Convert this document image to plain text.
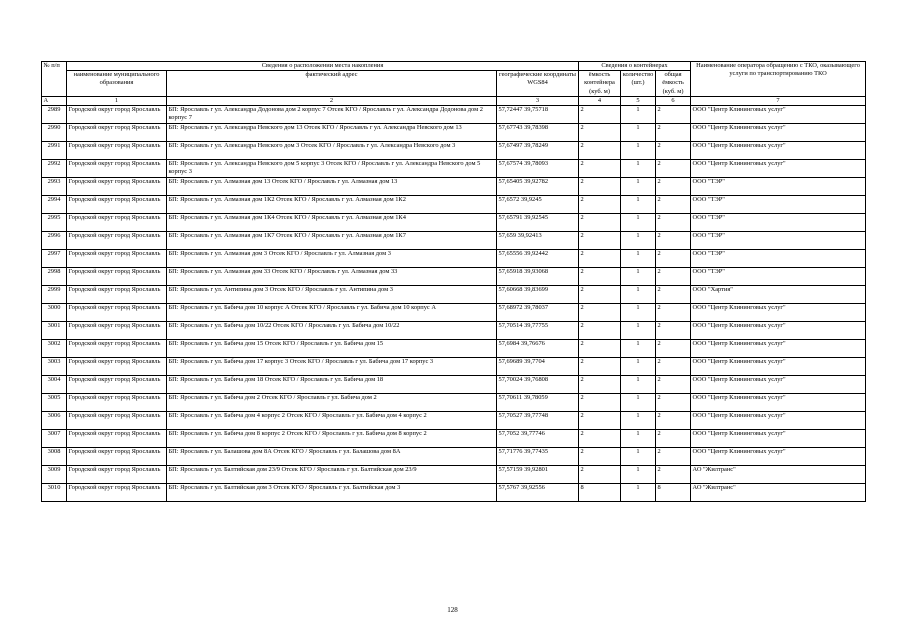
№ п/п	Сведения о расположении места накопления			Сведения о контейнерах			Наименование оператора обращению с ТКО, оказывающего услуги по транспортированию ТКО
	наименование муниципального образования	фактический адрес	географические координаты WGS84	ёмкость контейнера (куб. м)	количество (шт.)	общая ёмкость (куб. м)	
А	1	2	3	4	5	6	7
2989	Городской округ город Ярославль	БП: Ярославль г ул. Александра Додонова дом 2 корпус 7 Отсек КГО / Ярославль г ул. Александра Додонова дом 2 корпус 7	57,72447 39,75718	2	1	2	ООО "Центр Клининговых услуг"
2990	Городской округ город Ярославль	БП: Ярославль г ул. Александра Невского дом 13 Отсек КГО / Ярославль г ул. Александра Невского дом 13	57,67743 39,78398	2	1	2	ООО "Центр Клининговых услуг"
2991	Городской округ город Ярославль	БП: Ярославль г ул. Александра Невского дом 3 Отсек КГО / Ярославль г ул. Александра Невского дом 3	57,67497 39,78249	2	1	2	ООО "Центр Клининговых услуг"
2992	Городской округ город Ярославль	БП: Ярославль г ул. Александра Невского дом 5 корпус 3 Отсек КГО / Ярославль г ул. Александра Невского дом 5 корпус 3	57,67574 39,78093	2	1	2	ООО "Центр Клининговых услуг"
2993	Городской округ город Ярославль	БП: Ярославль г ул. Алмазная дом 13 Отсек КГО / Ярославль г ул. Алмазная дом 13	57,65405 39,92782	2	1	2	ООО "ТЭР"
2994	Городской округ город Ярославль	БП: Ярославль г ул. Алмазная дом 1К2 Отсек КГО / Ярославль г ул. Алмазная дом 1К2	57,6572 39,9245	2	1	2	ООО "ТЭР"
2995	Городской округ город Ярославль	БП: Ярославль г ул. Алмазная дом 1К4 Отсек КГО / Ярославль г ул. Алмазная дом 1К4	57,65791 39,92545	2	1	2	ООО "ТЭР"
2996	Городской округ город Ярославль	БП: Ярославль г ул. Алмазная дом 1К7 Отсек КГО / Ярославль г ул. Алмазная дом 1К7	57,659 39,92413	2	1	2	ООО "ТЭР"
2997	Городской округ город Ярославль	БП: Ярославль г ул. Алмазная дом 3 Отсек КГО / Ярославль г ул. Алмазная дом 3	57,65556 39,92442	2	1	2	ООО "ТЭР"
2998	Городской округ город Ярославль	БП: Ярославль г ул. Алмазная дом 33 Отсек КГО / Ярославль г ул. Алмазная дом 33	57,65918 39,93068	2	1	2	ООО "ТЭР"
2999	Городской округ город Ярославль	БП: Ярославль г ул. Антипина дом 3 Отсек КГО / Ярославль г ул. Антипина дом 3	57,60668 39,83699	2	1	2	ООО "Хартия"
3000	Городской округ город Ярославль	БП: Ярославль г ул. Бабича дом 10 корпус А Отсек КГО / Ярославль г ул. Бабича дом 10 корпус А	57,68972 39,78037	2	1	2	ООО "Центр Клининговых услуг"
3001	Городской округ город Ярославль	БП: Ярославль г ул. Бабича дом 10/22 Отсек КГО / Ярославль г ул. Бабича дом 10/22	57,70514 39,77755	2	1	2	ООО "Центр Клининговых услуг"
3002	Городской округ город Ярославль	БП: Ярославль г ул. Бабича дом 15 Отсек КГО / Ярославль г ул. Бабича дом 15	57,6984 39,76676	2	1	2	ООО "Центр Клининговых услуг"
3003	Городской округ город Ярославль	БП: Ярославль г ул. Бабича дом 17 корпус 3 Отсек КГО / Ярославль г ул. Бабича дом 17 корпус 3	57,69689 39,7704	2	1	2	ООО "Центр Клининговых услуг"
3004	Городской округ город Ярославль	БП: Ярославль г ул. Бабича дом 18 Отсек КГО / Ярославль г ул. Бабича дом 18	57,70024 39,76808	2	1	2	ООО "Центр Клининговых услуг"
3005	Городской округ город Ярославль	БП: Ярославль г ул. Бабича дом 2 Отсек КГО / Ярославль г ул. Бабича дом 2	57,70611 39,78059	2	1	2	ООО "Центр Клининговых услуг"
3006	Городской округ город Ярославль	БП: Ярославль г ул. Бабича дом 4 корпус 2 Отсек КГО / Ярославль г ул. Бабича дом 4 корпус 2	57,70527 39,77748	2	1	2	ООО "Центр Клининговых услуг"
3007	Городской округ город Ярославль	БП: Ярославль г ул. Бабича дом 8 корпус 2 Отсек КГО / Ярославль г ул. Бабича дом 8 корпус 2	57,7052 39,77746	2	1	2	ООО "Центр Клининговых услуг"
3008	Городской округ город Ярославль	БП: Ярославль г ул. Балашова дом 8А Отсек КГО / Ярославль г ул. Балашова дом 8А	57,71776 39,77435	2	1	2	ООО "Центр Клининговых услуг"
3009	Городской округ город Ярославль	БП: Ярославль г ул. Балтийская дом 23/9 Отсек КГО / Ярославль г ул. Балтийская дом 23/9	57,57159 39,92801	2	1	2	АО "Жилтранс"
3010	Городской округ город Ярославль	БП: Ярославль г ул. Балтийская дом 3 Отсек КГО / Ярославль г ул. Балтийская дом 3	57,5767 39,92556	8	1	8	АО "Жилтранс"
128
